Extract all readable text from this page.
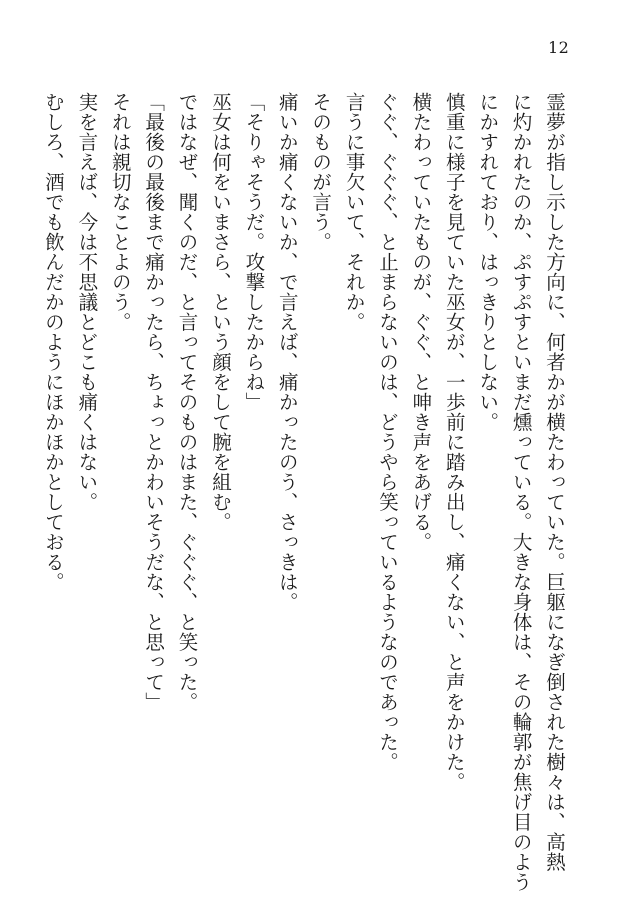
12
霊夢が指し示した方向に、何者かが横たわっていた。巨躯になぎ倒された樹々は、高熱
に灼かれたのか、ぷすぷすといまだ燻っている。大きな身体は、その輪郭が焦げ目のよう
にかすれており、はっきりとしない。
慎重に様子を見ていた巫女が、一歩前に踏み出し、痛くない、と声をかけた。
横たわっていたものが、ぐぐ、と呻き声をあげる。
ぐぐ、ぐぐぐ、と止まらないのは、どうやら笑っているようなのであった。
言うに事欠いて、それか。
そのものが言う。
痛いか痛くないか、で言えば、痛かったのう、さっきは。
「そりゃそうだ。攻撃したからね」
巫女は何をいまさら、という顔をして腕を組む。
ではなぜ、聞くのだ、と言ってそのものはまた、ぐぐぐ、と笑った。
「最後の最後まで痛かったら、ちょっとかわいそうだな、と思って」
それは親切なことよのう。
実を言えば、今は不思議とどこも痛くはない。
むしろ、酒でも飲んだかのようにほかほかとしておる。
